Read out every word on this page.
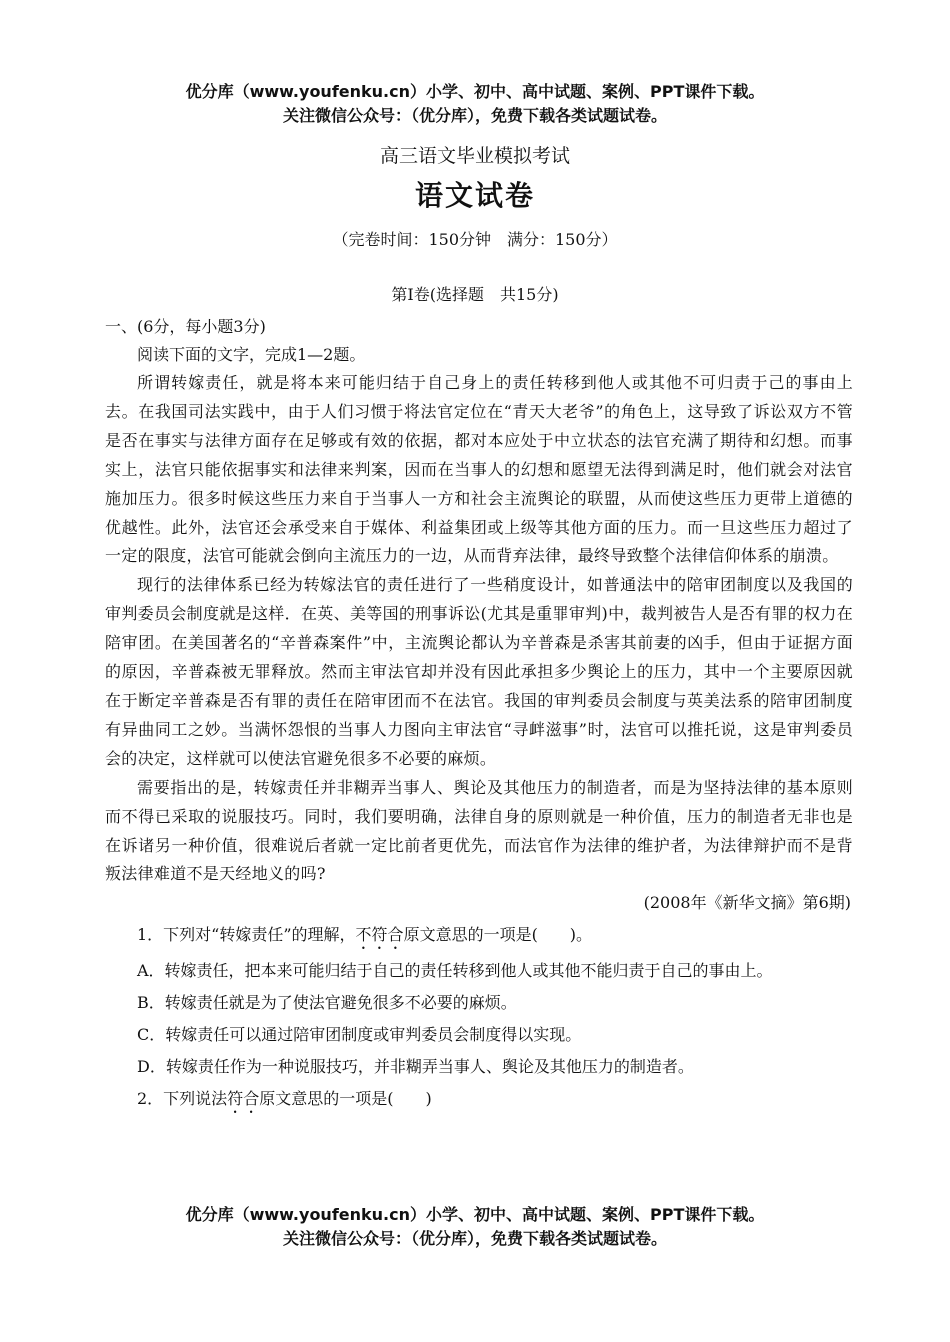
优分库（www.youfenku.cn）小学、初中、高中试题、案例、PPT课件下载。
关注微信公众号：（优分库），免费下载各类试题试卷。
高三语文毕业模拟考试
语文试卷
（完卷时间：150分钟　满分：150分）
第Ⅰ卷(选择题　共15分)

一、(6分，每小题3分)

阅读下面的文字，完成1—2题。

所谓转嫁责任，就是将本来可能归结于自己身上的责任转移到他人或其他不可归责于己的事由上去。在我国司法实践中，由于人们习惯于将法官定位在“青天大老爷”的角色上，这导致了诉讼双方不管是否在事实与法律方面存在足够或有效的依据，都对本应处于中立状态的法官充满了期待和幻想。而事实上，法官只能依据事实和法律来判案，因而在当事人的幻想和愿望无法得到满足时，他们就会对法官施加压力。很多时候这些压力来自于当事人一方和社会主流舆论的联盟，从而使这些压力更带上道德的优越性。此外，法官还会承受来自于媒体、利益集团或上级等其他方面的压力。而一旦这些压力超过了一定的限度，法官可能就会倒向主流压力的一边，从而背弃法律，最终导致整个法律信仰体系的崩溃。

现行的法律体系已经为转嫁法官的责任进行了一些稍度设计，如普通法中的陪审团制度以及我国的审判委员会制度就是这样．在英、美等国的刑事诉讼(尤其是重罪审判)中，裁判被告人是否有罪的权力在陪审团。在美国著名的“辛普森案件”中，主流舆论都认为辛普森是杀害其前妻的凶手，但由于证据方面的原因，辛普森被无罪释放。然而主审法官却并没有因此承担多少舆论上的压力，其中一个主要原因就在于断定辛普森是否有罪的责任在陪审团而不在法官。我国的审判委员会制度与英美法系的陪审团制度有异曲同工之妙。当满怀怨恨的当事人力图向主审法官“寻衅滋事”时，法官可以推托说，这是审判委员会的决定，这样就可以使法官避免很多不必要的麻烦。

需要指出的是，转嫁责任并非糊弄当事人、舆论及其他压力的制造者，而是为坚持法律的基本原则而不得已采取的说服技巧。同时，我们要明确，法律自身的原则就是一种价值，压力的制造者无非也是在诉诸另一种价值，很难说后者就一定比前者更优先，而法官作为法律的维护者，为法律辩护而不是背叛法律难道不是天经地义的吗?

(2008年《新华文摘》第6期)

1．下列对“转嫁责任”的理解，不符合原文意思的一项是(　　)。

A．转嫁责任，把本来可能归结于自己的责任转移到他人或其他不能归责于自己的事由上。

B．转嫁责任就是为了使法官避免很多不必要的麻烦。

C．转嫁责任可以通过陪审团制度或审判委员会制度得以实现。

D．转嫁责任作为一种说服技巧，并非糊弄当事人、舆论及其他压力的制造者。

2．下列说法符合原文意思的一项是(　　)

优分库（www.youfenku.cn）小学、初中、高中试题、案例、PPT课件下载。
关注微信公众号：（优分库），免费下载各类试题试卷。
